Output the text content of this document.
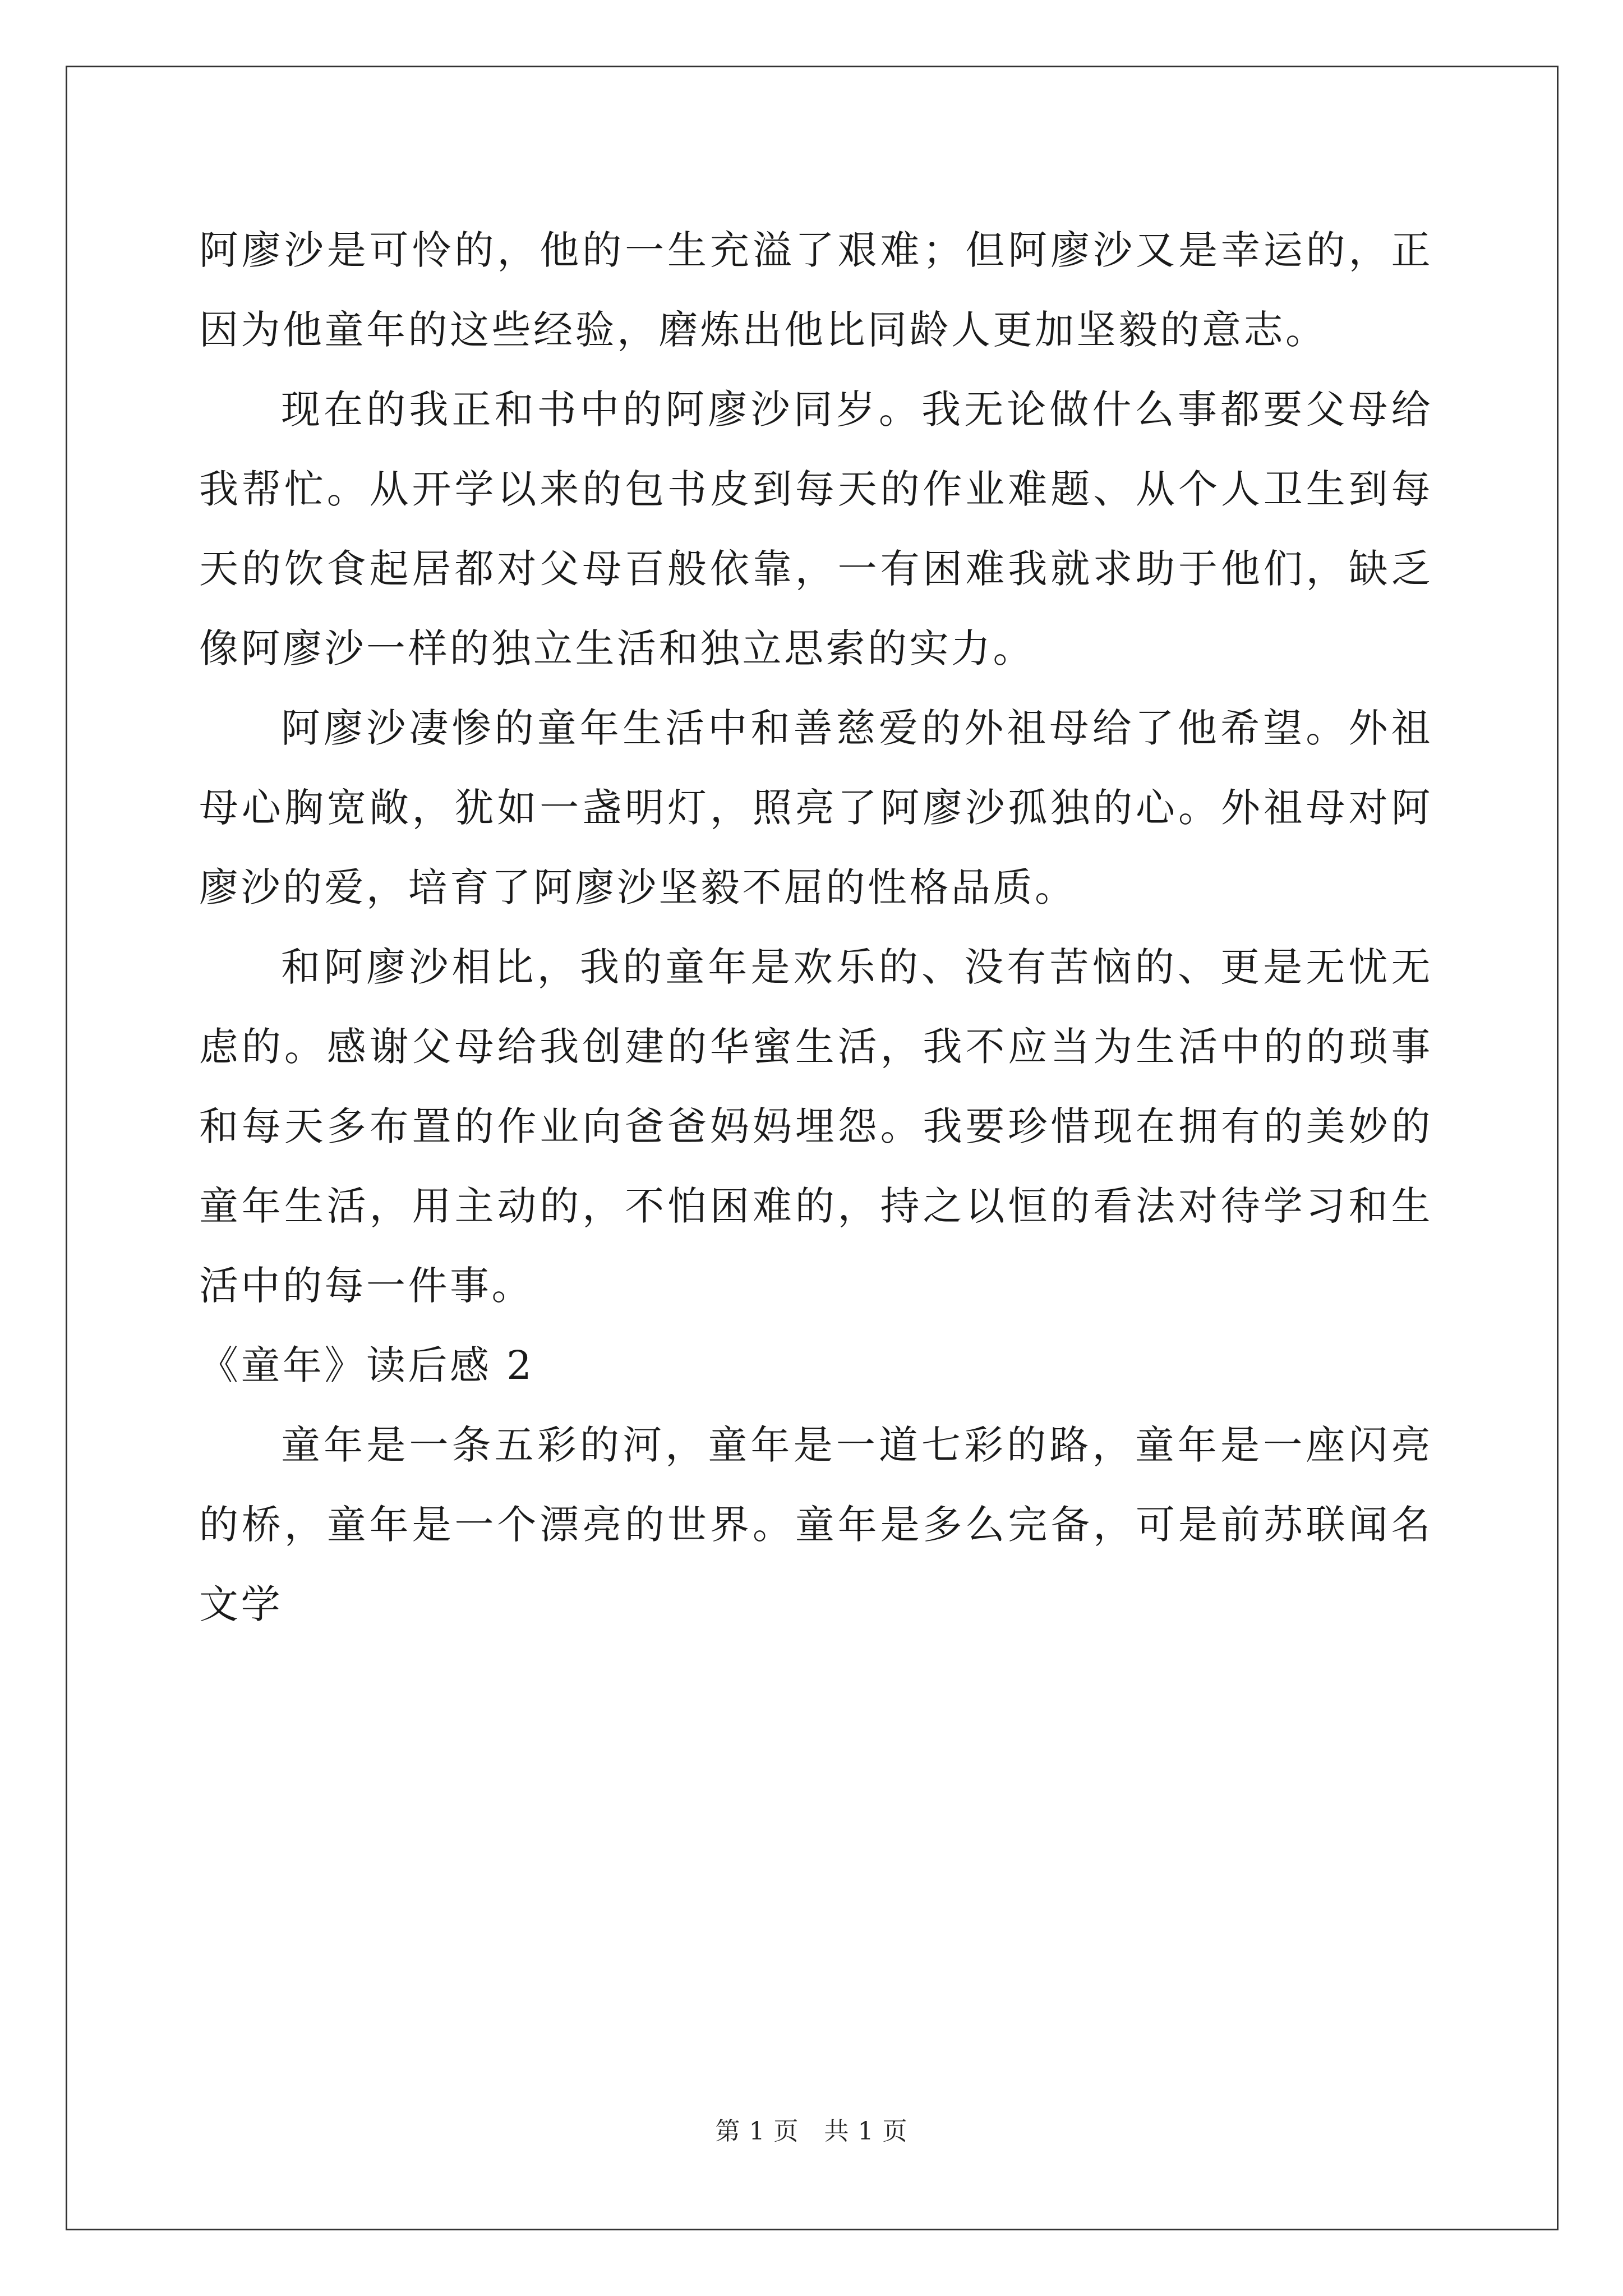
阿廖沙是可怜的，他的一生充溢了艰难；但阿廖沙又是幸运的，正因为他童年的这些经验，磨炼出他比同龄人更加坚毅的意志。

现在的我正和书中的阿廖沙同岁。我无论做什么事都要父母给我帮忙。从开学以来的包书皮到每天的作业难题、从个人卫生到每天的饮食起居都对父母百般依靠，一有困难我就求助于他们，缺乏像阿廖沙一样的独立生活和独立思索的实力。

阿廖沙凄惨的童年生活中和善慈爱的外祖母给了他希望。外祖母心胸宽敞，犹如一盏明灯，照亮了阿廖沙孤独的心。外祖母对阿廖沙的爱，培育了阿廖沙坚毅不屈的性格品质。

和阿廖沙相比，我的童年是欢乐的、没有苦恼的、更是无忧无虑的。感谢父母给我创建的华蜜生活，我不应当为生活中的的琐事和每天多布置的作业向爸爸妈妈埋怨。我要珍惜现在拥有的美妙的童年生活，用主动的，不怕困难的，持之以恒的看法对待学习和生活中的每一件事。

《童年》读后感 2

童年是一条五彩的河，童年是一道七彩的路，童年是一座闪亮的桥，童年是一个漂亮的世界。童年是多么完备，可是前苏联闻名文学

第 1 页　共 1 页
